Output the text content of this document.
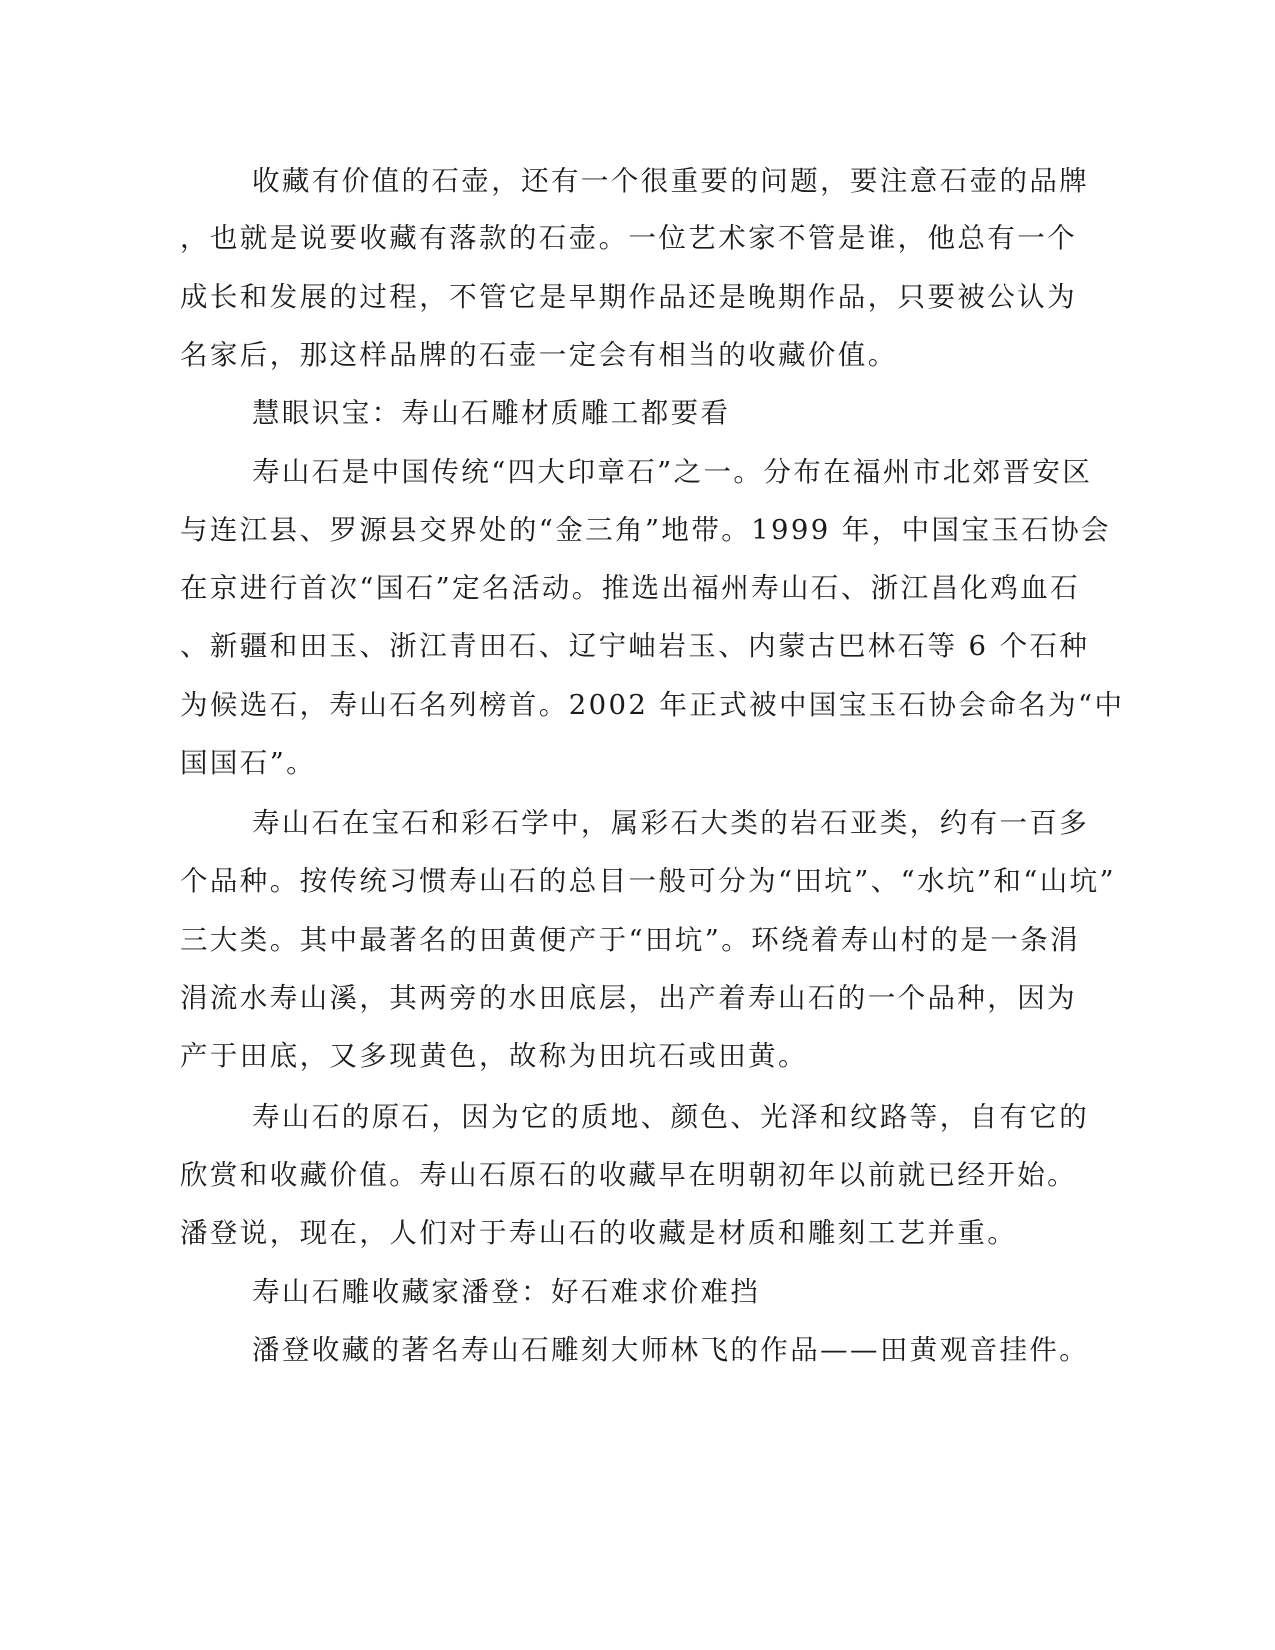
收藏有价值的石壶，还有一个很重要的问题，要注意石壶的品牌
，也就是说要收藏有落款的石壶。一位艺术家不管是谁，他总有一个
成长和发展的过程，不管它是早期作品还是晚期作品，只要被公认为
名家后，那这样品牌的石壶一定会有相当的收藏价值。
慧眼识宝：寿山石雕材质雕工都要看
寿山石是中国传统“四大印章石”之一。分布在福州市北郊晋安区
与连江县、罗源县交界处的“金三角”地带。1999 年，中国宝玉石协会
在京进行首次“国石”定名活动。推选出福州寿山石、浙江昌化鸡血石
、新疆和田玉、浙江青田石、辽宁岫岩玉、内蒙古巴林石等 6 个石种
为候选石，寿山石名列榜首。2002 年正式被中国宝玉石协会命名为“中
国国石”。
寿山石在宝石和彩石学中，属彩石大类的岩石亚类，约有一百多
个品种。按传统习惯寿山石的总目一般可分为“田坑”、“水坑”和“山坑”
三大类。其中最著名的田黄便产于“田坑”。环绕着寿山村的是一条涓
涓流水寿山溪，其两旁的水田底层，出产着寿山石的一个品种，因为
产于田底，又多现黄色，故称为田坑石或田黄。
寿山石的原石，因为它的质地、颜色、光泽和纹路等，自有它的
欣赏和收藏价值。寿山石原石的收藏早在明朝初年以前就已经开始。
潘登说，现在，人们对于寿山石的收藏是材质和雕刻工艺并重。
寿山石雕收藏家潘登：好石难求价难挡
潘登收藏的著名寿山石雕刻大师林飞的作品——田黄观音挂件。
